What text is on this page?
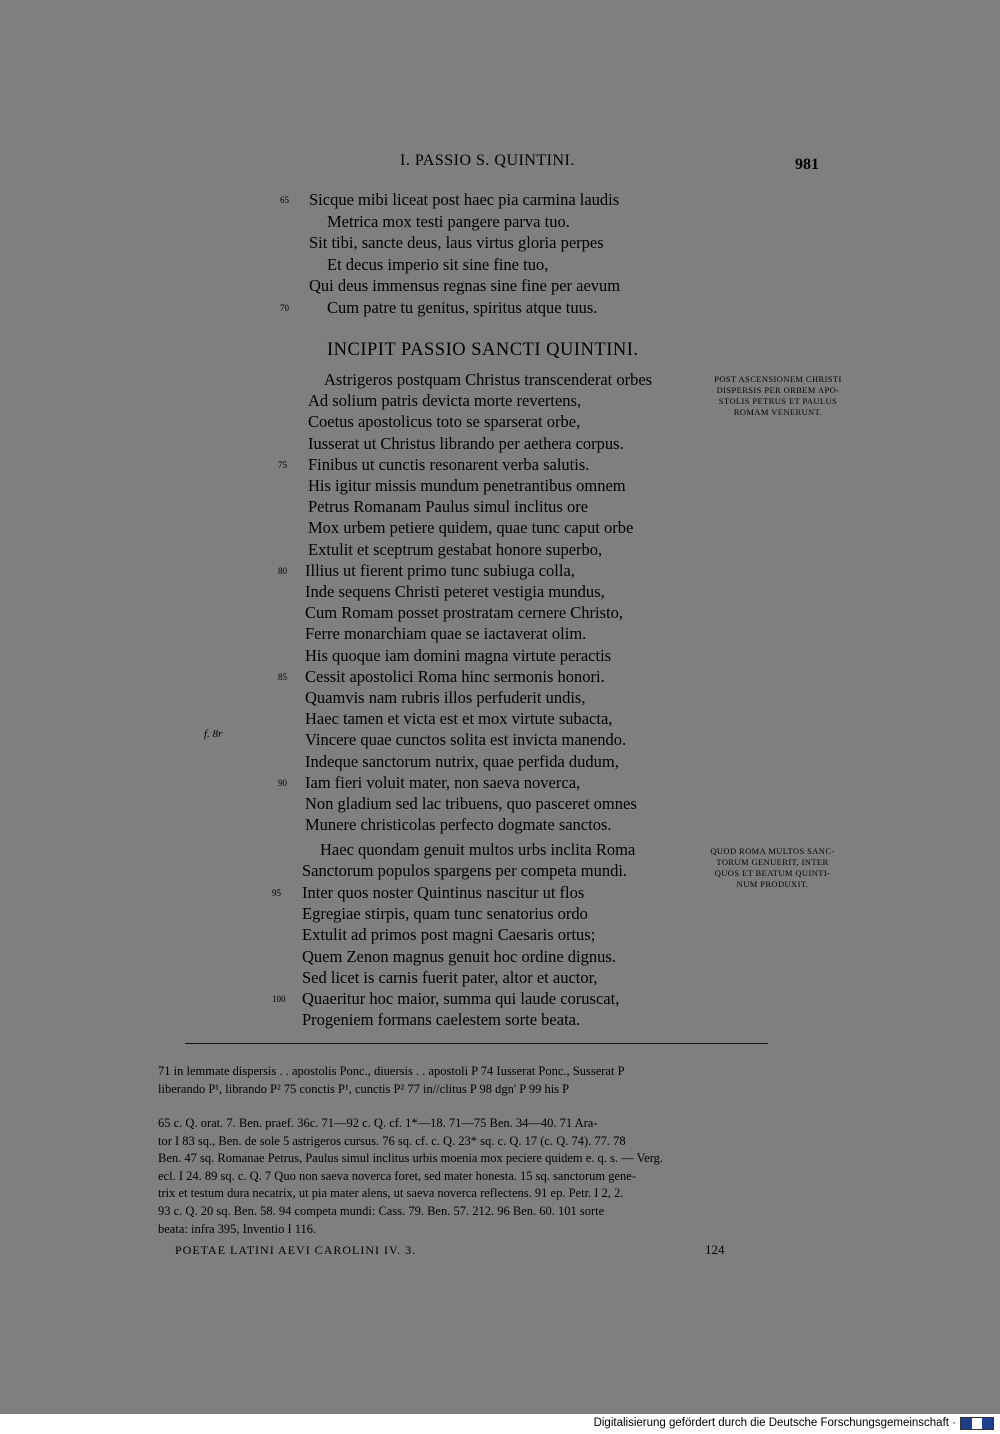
I. PASSIO S. QUINTINI.	981
Sicque mibi liceat post haec pia carmina laudis
65
Metrica mox testi pangere parva tuo.
Sit tibi, sancte deus, laus virtus gloria perpes
Et decus imperio sit sine fine tuo,
Qui deus immensus regnas sine fine per aevum
Cum patre tu genitus, spiritus atque tuus.
70
Astrigeros postquam Christus transcenderat orbes
Ad solium patris devicta morte revertens,
Coetus apostolicus toto se sparserat orbe,
Iusserat ut Christus librando per aethera corpus.
Finibus ut cunctis resonarent verba salutis.
75
His igitur missis mundum penetrantibus omnem
Petrus Romanam Paulus simul inclitus ore
Mox urbem petiere quidem, quae tunc caput orbe
Extulit et sceptrum gestabat honore superbo,
Illius ut fierent primo tunc subiuga colla,
80
Inde sequens Christi peteret vestigia mundus,
Cum Romam posset prostratam cernere Christo,
Ferre monarchiam quae se iactaverat olim.
His quoque iam domini magna virtute peractis
Cessit apostolici Roma hinc sermonis honori.
85
Quamvis nam rubris illos perfuderit undis,
Haec tamen et victa est et mox virtute subacta,
Vincere quae cunctos solita est invicta manendo.
Indeque sanctorum nutrix, quae perfida dudum,
Iam fieri voluit mater, non saeva noverca,
90
Non gladium sed lac tribuens, quo pasceret omnes
Munere christicolas perfecto dogmate sanctos.
Haec quondam genuit multos urbs inclita Roma
Sanctorum populos spargens per competa mundi.
Inter quos noster Quintinus nascitur ut flos
95
Egregiae stirpis, quam tunc senatorius ordo
Extulit ad primos post magni Caesaris ortus;
Quem Zenon magnus genuit hoc ordine dignus.
Sed licet is carnis fuerit pater, altor et auctor,
Quaeritur hoc maior, summa qui laude coruscat,
100
Progeniem formans caelestem sorte beata.
INCIPIT PASSIO SANCTI QUINTINI.
f. 8r
POST ASCENSIONEM CHRISTI
DISPERSIS PER ORBEM APO-
STOLIS PETRUS ET PAULUS
ROMAM VENERUNT.
QUOD ROMA MULTOS SANC-
TORUM GENUERIT, INTER
QUOS ET BEATUM QUINTI-
NUM PRODUXIT.
71 in lemmate dispersis . . apostolis Ponc., diuersis . . apostoli P 74 Iusserat Ponc., Susserat P
liberando P¹, librando P² 75 conctis P¹, cunctis P² 77 in//clitus P 98 dgn' P 99 his P
65 c. Q. orat. 7. Ben. praef. 36c. 71—92 c. Q. cf. 1*—18. 71—75 Ben. 34—40. 71 Ara-
tor I 83 sq., Ben. de sole 5 astrigeros cursus. 76 sq. cf. c. Q. 23* sq. c. Q. 17 (c. Q. 74). 77. 78
Ben. 47 sq. Romanae Petrus, Paulus simul inclitus urbis moenia mox peciere quidem e. q. s. — Verg.
ecl. I 24. 89 sq. c. Q. 7 Quo non saeva noverca foret, sed mater honesta. 15 sq. sanctorum gene-
trix et testum dura necatrix, ut pia mater alens, ut saeva noverca reflectens. 91 ep. Petr. I 2, 2.
93 c. Q. 20 sq. Ben. 58. 94 competa mundi: Cass. 79. Ben. 57. 212. 96 Ben. 60. 101 sorte
beata: infra 395, Inventio I 116.
POETAE LATINI AEVI CAROLINI IV. 3.	124
Digitalisierung gefördert durch die Deutsche Forschungsgemeinschaft ·
